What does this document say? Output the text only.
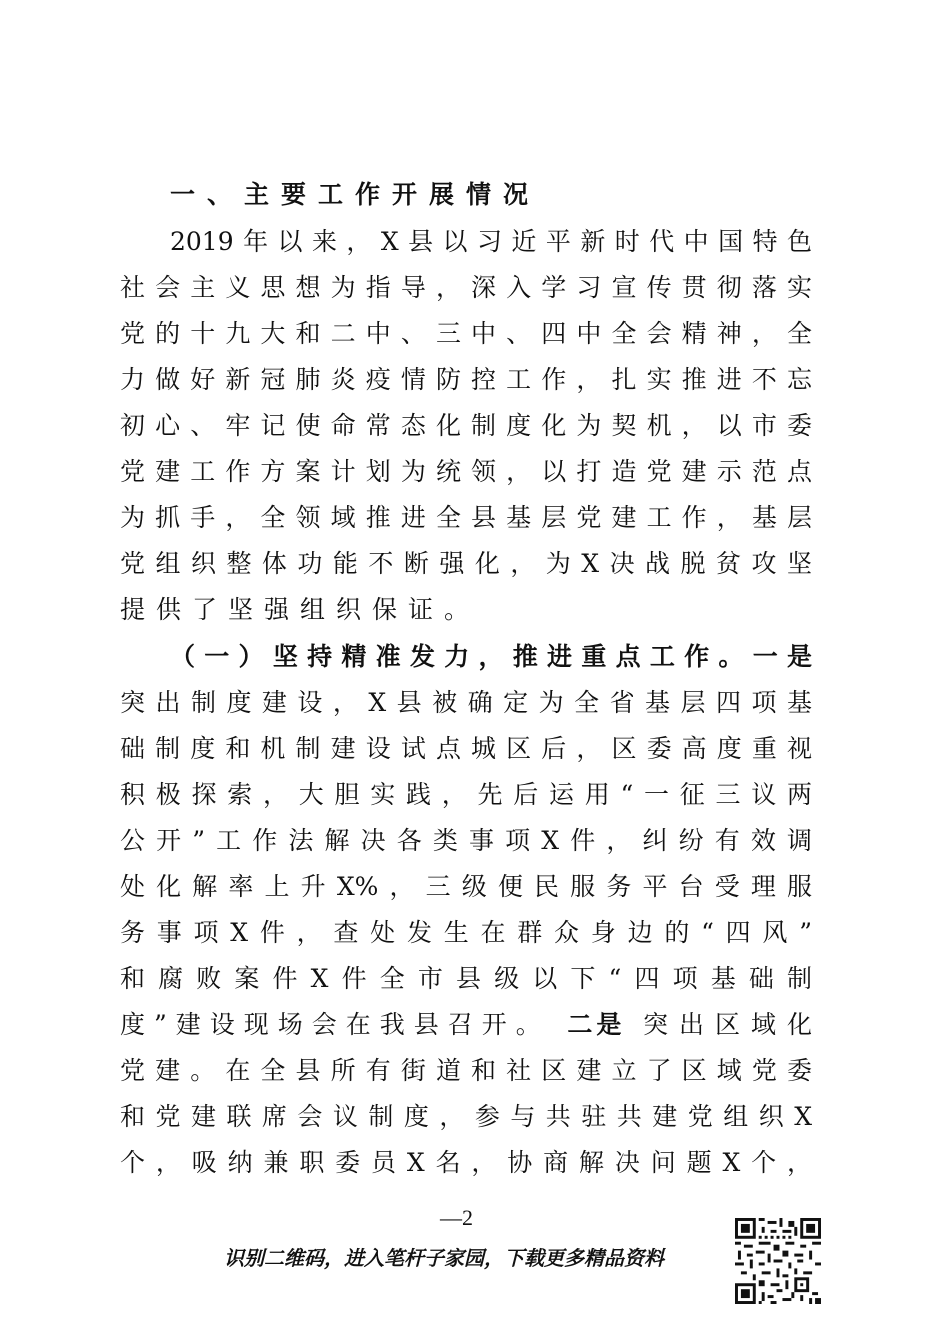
一、主要工作开展情况
2019年以来，X县以习近平新时代中国特色
社会主义思想为指导，深入学习宣传贯彻落实
党的十九大和二中、三中、四中全会精神，全
力做好新冠肺炎疫情防控工作，扎实推进不忘
初心、牢记使命常态化制度化为契机，以市委
党建工作方案计划为统领，以打造党建示范点
为抓手，全领域推进全县基层党建工作，基层
党组织整体功能不断强化，为X决战脱贫攻坚
提供了坚强组织保证。
（一）坚持精准发力，推进重点工作。一是
突出制度建设，X县被确定为全省基层四项基
础制度和机制建设试点城区后，区委高度重视
积极探索，大胆实践，先后运用“一征三议两
公开”工作法解决各类事项X件，纠纷有效调
处化解率上升X%，三级便民服务平台受理服
务事项X件，查处发生在群众身边的“四风”
和腐败案件X件全市县级以下“四项基础制
度”建设现场会在我县召开。 二是 突出区域化
党建。在全县所有街道和社区建立了区域党委
和党建联席会议制度，参与共驻共建党组织X
个，吸纳兼职委员X名，协商解决问题X个，
—2
识别二维码，进入笔杆子家园，下载更多精品资料
